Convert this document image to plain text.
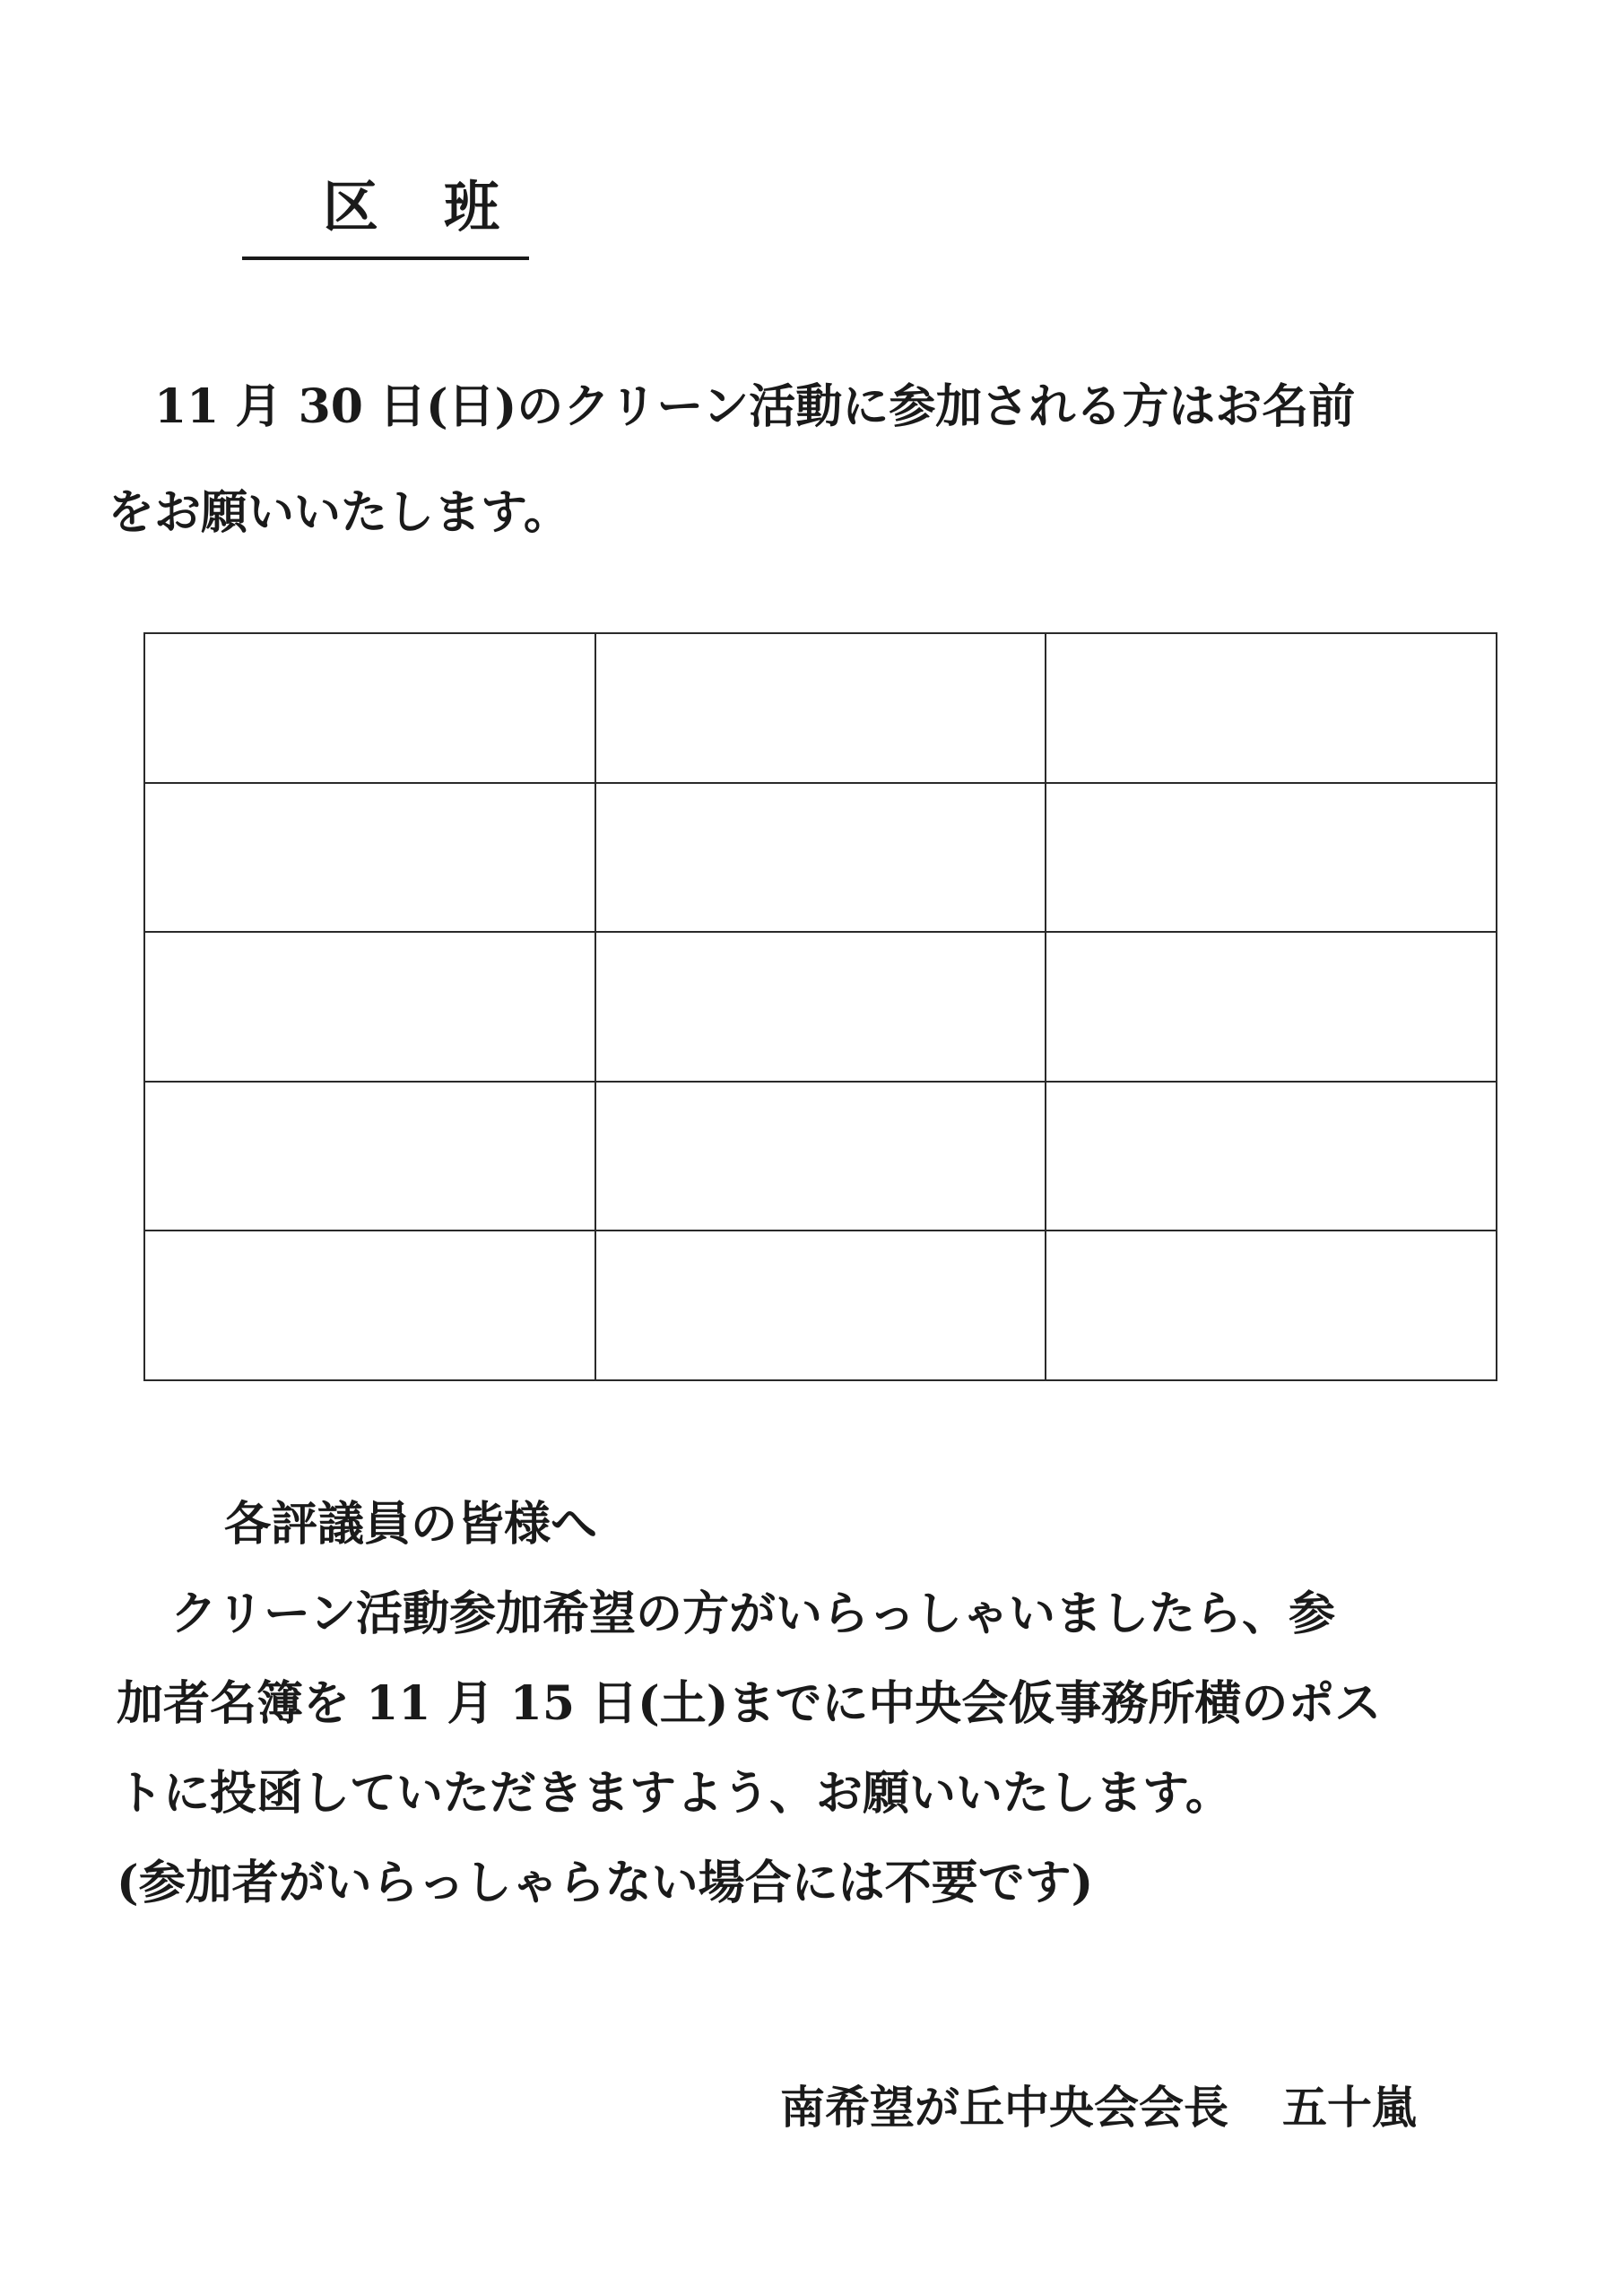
区 班
11 月 30 日(日)のクリーン活動に参加される方はお名前
をお願いいたします。

各評議員の皆様へ
クリーン活動参加希望の方がいらっしゃいましたら、参
加者名簿を 11 月 15 日(土)までに中央会仮事務所横のポス
トに投函していただきますよう、お願いいたします。
(参加者がいらっしゃらない場合には不要です)
南希望が丘中央会会長 五十嵐
